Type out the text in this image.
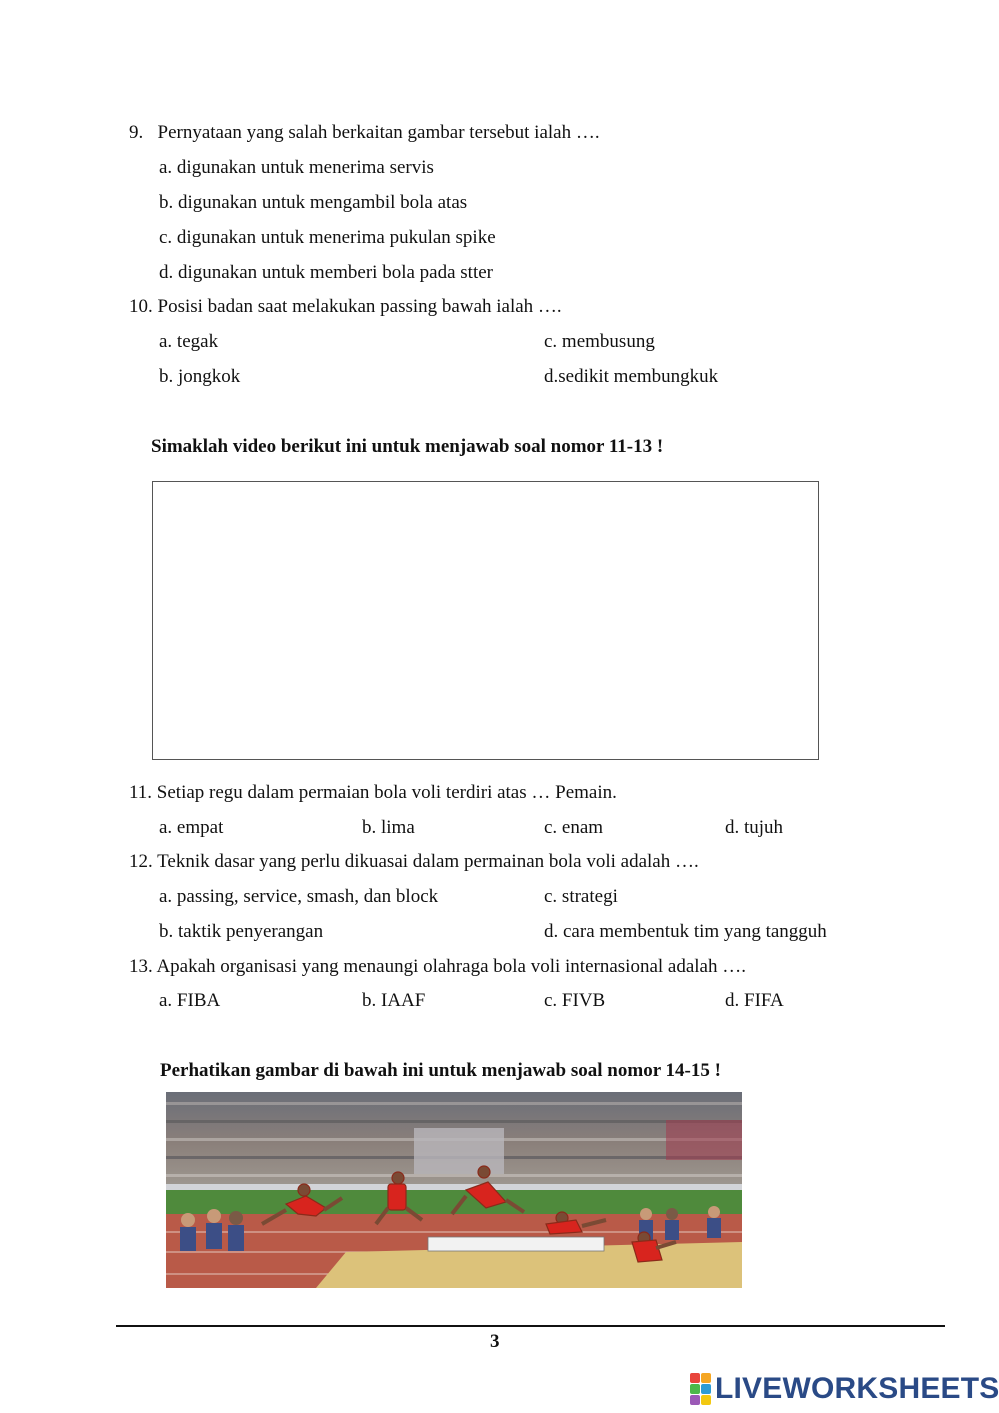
9.   Pernyataan yang salah berkaitan gambar tersebut ialah ….
a. digunakan untuk menerima servis
b. digunakan untuk mengambil bola atas
c. digunakan untuk menerima pukulan spike
d. digunakan untuk memberi bola pada stter
10. Posisi badan saat melakukan passing bawah ialah ….
a. tegak	c. membusung
b. jongkok	d.sedikit membungkuk
Simaklah video berikut ini untuk menjawab soal nomor 11-13 !
11. Setiap regu dalam permaian bola voli terdiri atas … Pemain.
a. empat	b. lima	c. enam	d. tujuh
12. Teknik dasar yang perlu dikuasai dalam permainan bola voli adalah ….
a. passing, service, smash, dan block	c. strategi
b. taktik penyerangan	d. cara membentuk tim yang tangguh
13. Apakah organisasi yang menaungi olahraga bola voli internasional adalah ….
a. FIBA	b. IAAF	c. FIVB	d. FIFA
Perhatikan gambar di bawah ini untuk menjawab soal nomor 14-15 !
3
LIVEWORKSHEETS
